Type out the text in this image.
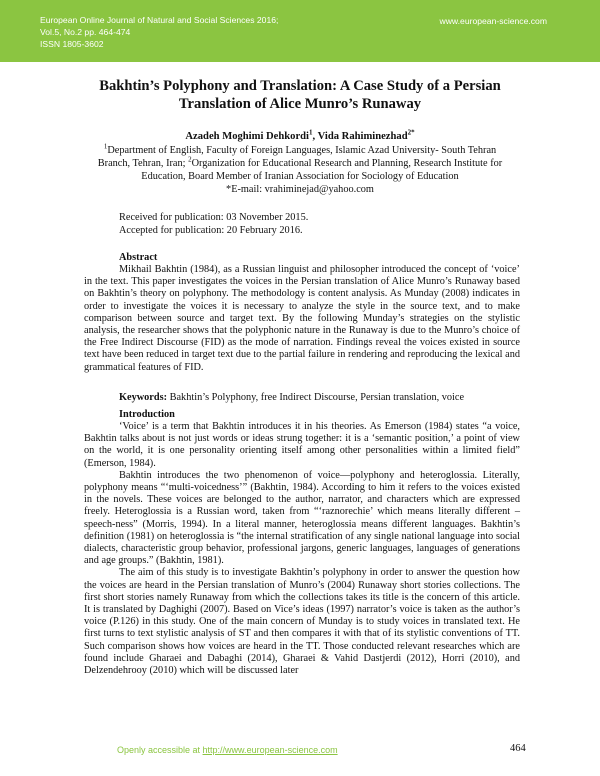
European Online Journal of Natural and Social Sciences 2016;
Vol.5, No.2 pp. 464-474
ISSN 1805-3602
www.european-science.com
Bakhtin’s Polyphony and Translation: A Case Study of a Persian
Translation of Alice Munro’s Runaway
Azadeh Moghimi Dehkordi$^1$, Vida Rahiminezhad$^{2*}$
$^1$Department of English, Faculty of Foreign Languages, Islamic Azad University- South Tehran Branch, Tehran, Iran; $^2$Organization for Educational Research and Planning, Research Institute for Education, Board Member of Iranian Association for Sociology of Education
*E-mail: vrahiminejad@yahoo.com
Received for publication: 03 November 2015.
Accepted for publication: 20 February 2016.
Abstract

Mikhail Bakhtin (1984), as a Russian linguist and philosopher introduced the concept of ‘voice’ in the text. This paper investigates the voices in the Persian translation of Alice Munro’s Runaway based on Bakhtin’s theory on polyphony. The methodology is content analysis. As Munday (2008) indicates in order to investigate the voices it is necessary to analyze the style in the source text, and to make comparison between source and target text. By the following Munday’s strategies on the stylistic analysis, the researcher shows that the polyphonic nature in the Runaway is due to the Munro’s choice of the Free Indirect Discourse (FID) as the mode of narration. Findings reveal the voices existed in source text have been reduced in target text due to the partial failure in rendering and reproducing the lexical and grammatical features of FID.

Keywords: Bakhtin’s Polyphony, free Indirect Discourse, Persian translation, voice
Introduction

‘Voice’ is a term that Bakhtin introduces it in his theories. As Emerson (1984) states “a voice, Bakhtin talks about is not just words or ideas strung together: it is a ‘semantic position,’ a point of view on the world, it is one personality orienting itself among other personalities within a limited field” (Emerson, 1984).

Bakhtin introduces the two phenomenon of voice—polyphony and heteroglossia. Literally, polyphony means “‘multi-voicedness’” (Bakhtin, 1984). According to him it refers to the voices existed in the novels. These voices are belonged to the author, narrator, and characters which are expressed freely. Heteroglossia is a Russian word, taken from “‘raznorechie’ which means literally different – speech-ness” (Morris, 1994). In a literal manner, heteroglossia means different languages. Bakhtin’s definition (1981) on heteroglossia is “the internal stratification of any single national language into social dialects, characteristic group behavior, professional jargons, generic languages, languages of generations and age groups.” (Bakhtin, 1981).

The aim of this study is to investigate Bakhtin’s polyphony in order to answer the question how the voices are heard in the Persian translation of Munro’s (2004) Runaway short stories collections. The first short stories namely Runaway from which the collections takes its title is the concern of this article. It is translated by Daghighi (2007). Based on Vice’s ideas (1997) narrator’s voice is taken as the author’s voice (P.126) in this study. One of the main concern of Munday is to study voices in translated text. He first turns to text stylistic analysis of ST and then compares it with that of its stylistic conventions of TT. Such comparison shows how voices are heard in the TT. Those conducted relevant researches which are found include Gharaei and Dabaghi (2014), Gharaei & Vahid Dastjerdi (2012), Horri (2010), and Delzendehrooy (2010) which will be discussed later

Openly accessible at http://www.european-science.com	464
